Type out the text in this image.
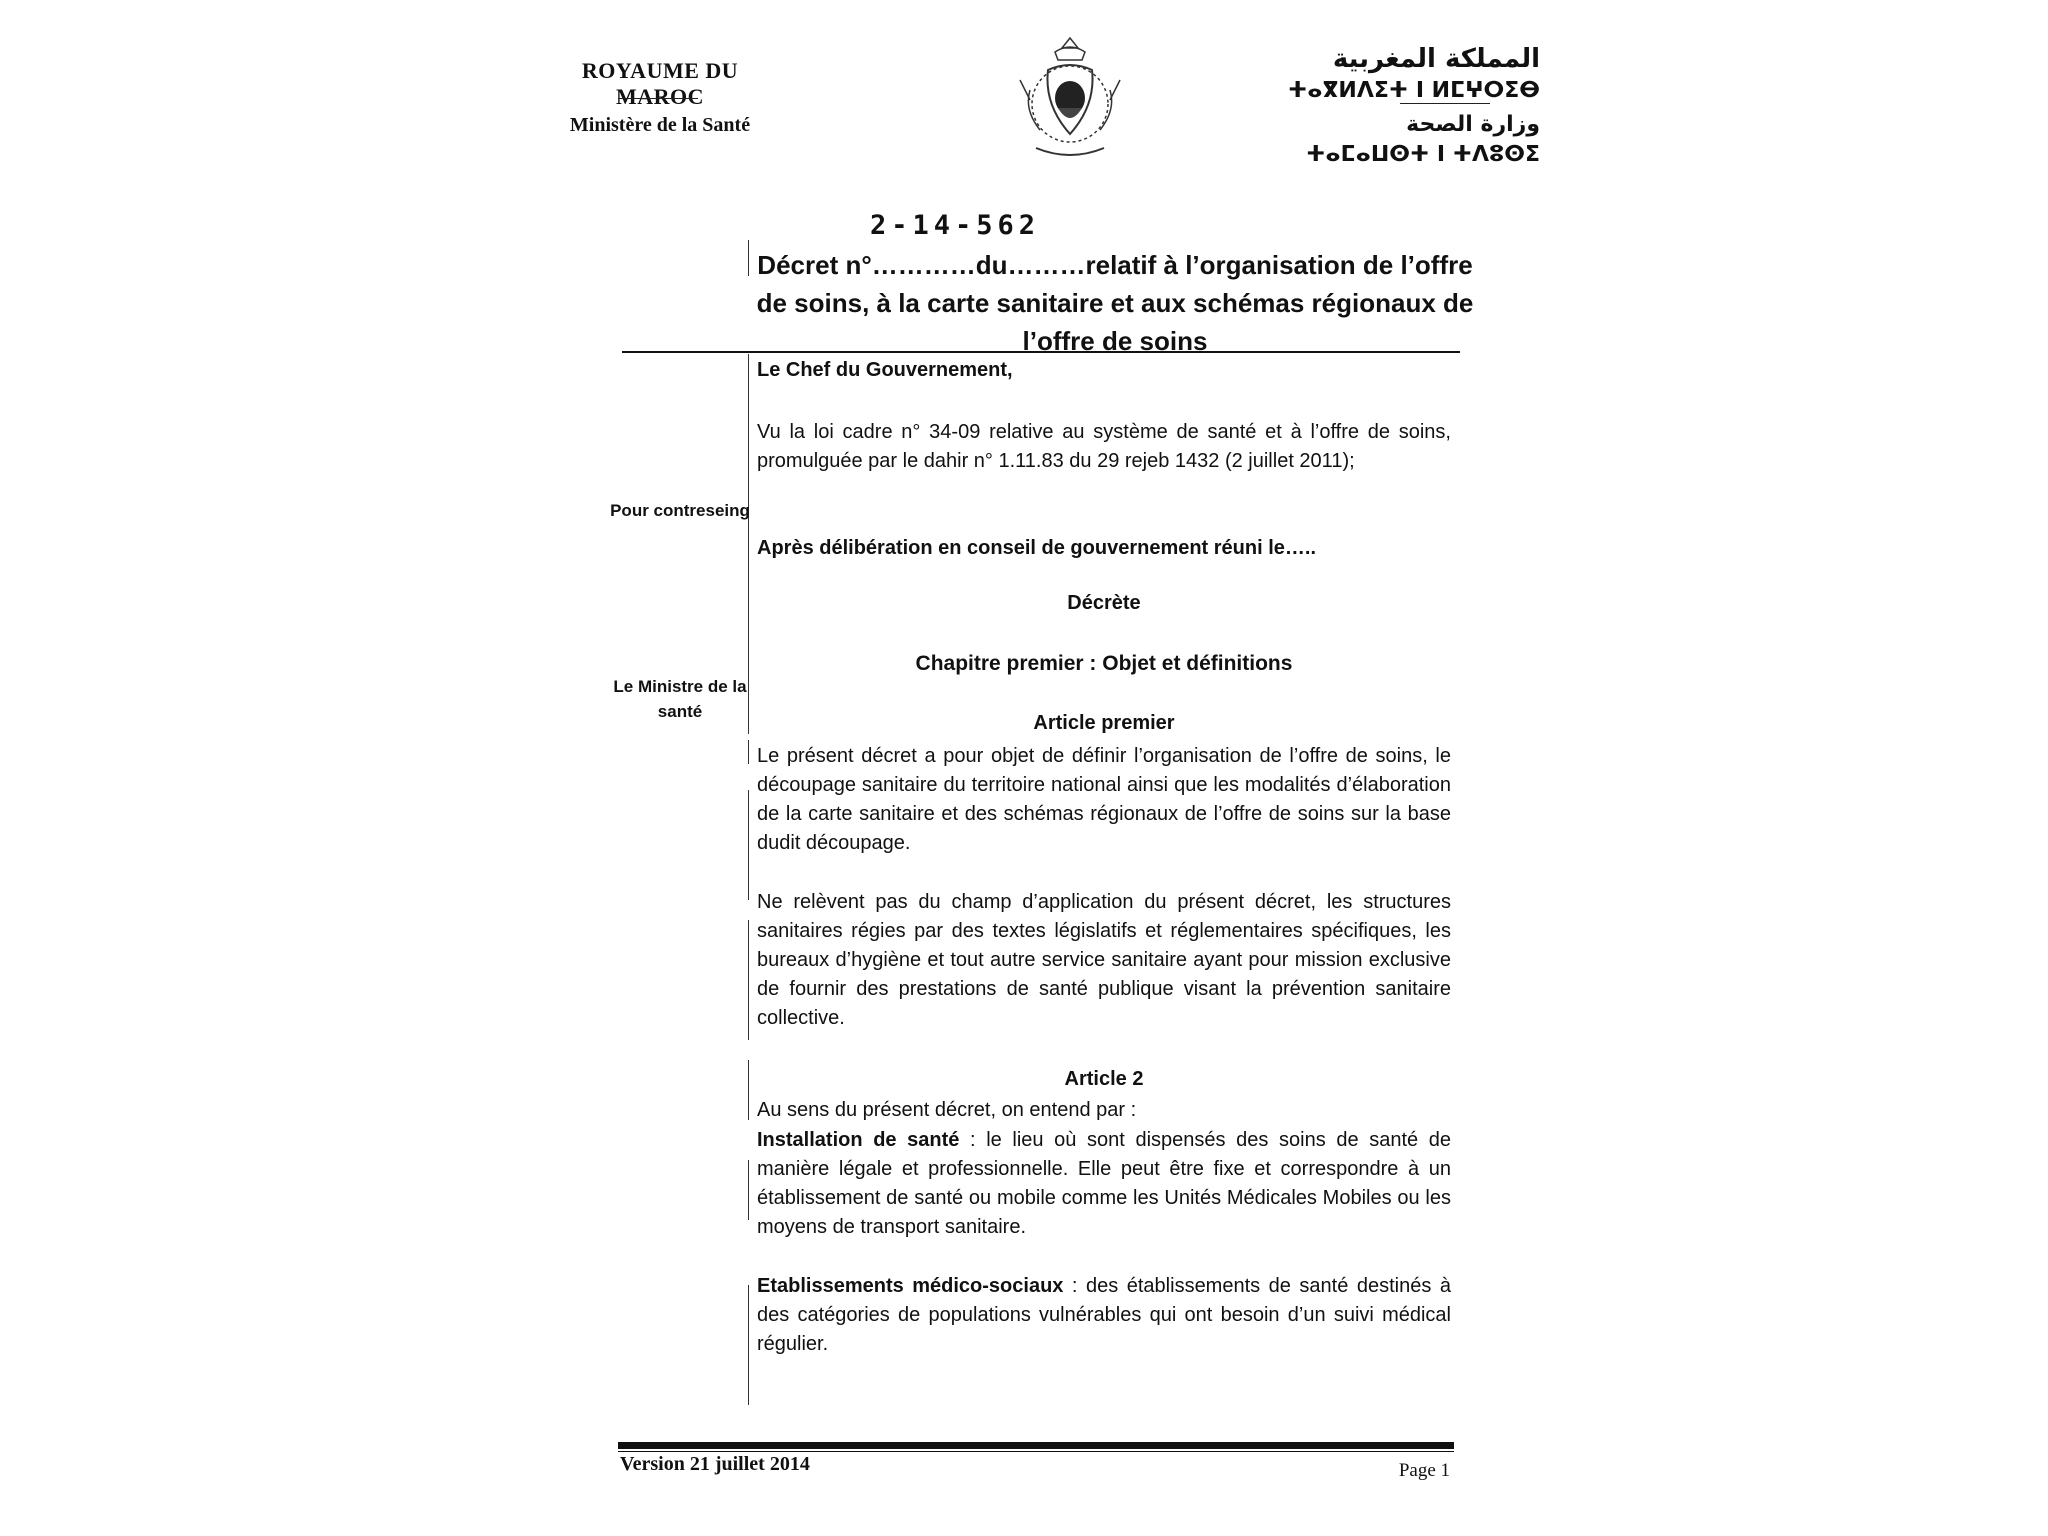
ROYAUME DU MAROC
Ministère de la Santé
المملكة المغربية
ⵜⴰⴳⵍⴷⵉⵜ ⵏ ⵍⵎⵖⵔⵉⴱ
وزارة الصحة
ⵜⴰⵎⴰⵡⵙⵜ ⵏ ⵜⴷⵓⵙⵉ
2-14-562
Décret n°…………du………relatif à l’organisation de l’offre de soins, à la carte sanitaire et aux schémas régionaux de l’offre de soins
Pour contreseing
Le Ministre de la santé
Le Chef du Gouvernement,
Vu la loi cadre n° 34-09 relative au système de santé et à l’offre de soins, promulguée par le dahir n° 1.11.83 du 29 rejeb 1432 (2 juillet 2011);
Après délibération en conseil de gouvernement réuni le…..
Décrète
Chapitre premier : Objet et définitions
Article premier
Le présent décret a pour objet de définir l’organisation de l’offre de soins, le découpage sanitaire du territoire national ainsi que les modalités d’élaboration de la carte sanitaire et des schémas régionaux de l’offre de soins sur la base dudit découpage.
Ne relèvent pas du champ d’application du présent décret, les structures sanitaires régies par des textes législatifs et réglementaires spécifiques, les bureaux d’hygiène et tout autre service sanitaire ayant pour mission exclusive de fournir des prestations de santé publique visant la prévention sanitaire collective.
Article 2
Au sens du présent décret, on entend par :
Installation de santé : le lieu où sont dispensés des soins de santé de manière légale et professionnelle. Elle peut être fixe et correspondre à un établissement de santé ou mobile comme les Unités Médicales Mobiles ou les moyens de transport sanitaire.
Etablissements médico-sociaux : des établissements de santé destinés à des catégories de populations vulnérables qui ont besoin d’un suivi médical régulier.
Version 21 juillet 2014	Page 1
